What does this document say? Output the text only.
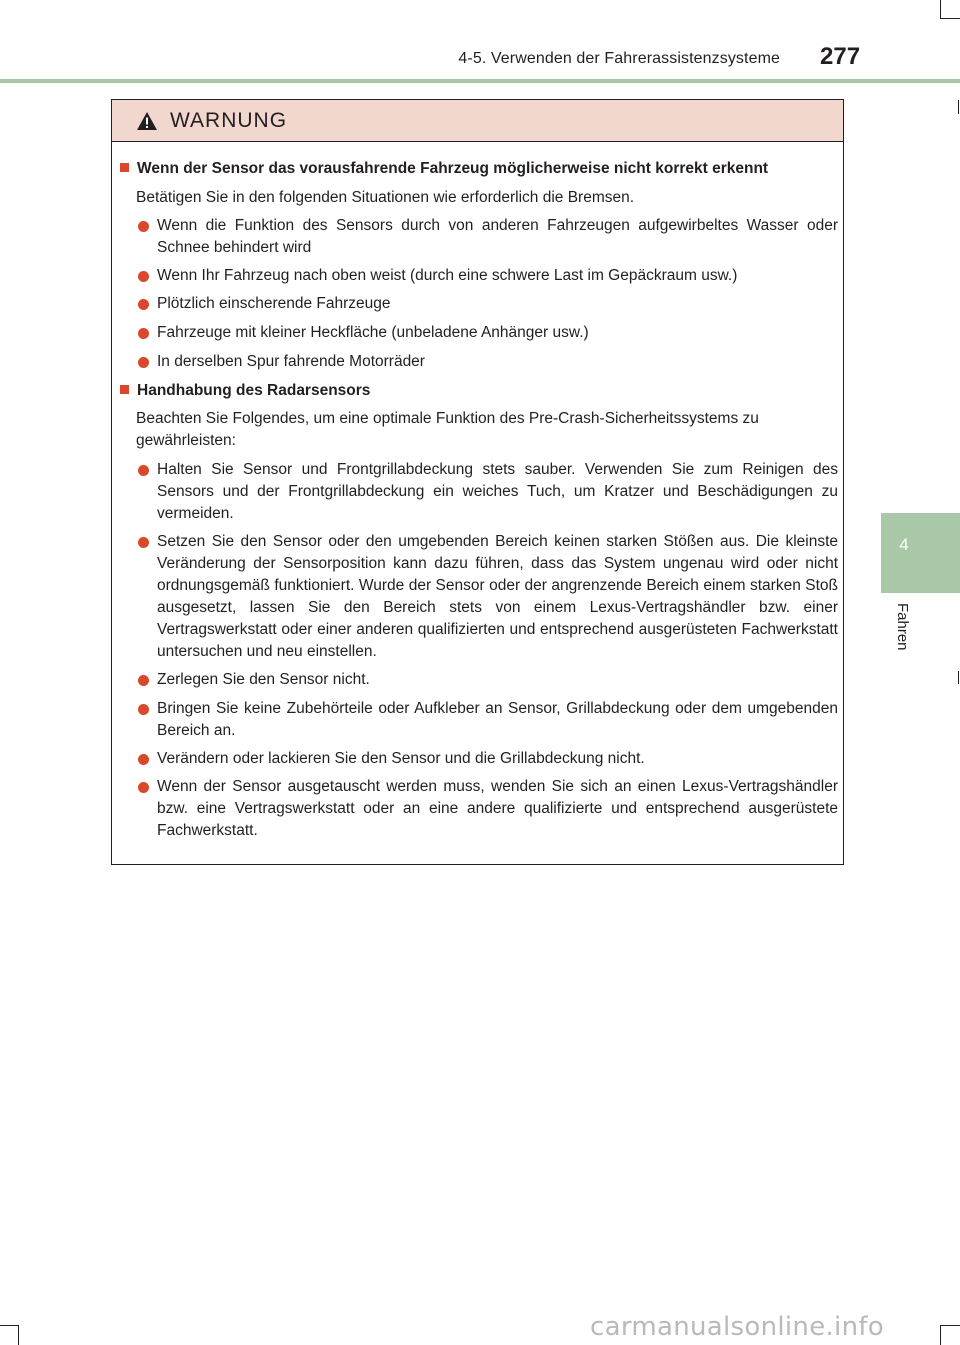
4-5. Verwenden der Fahrerassistenzsysteme 277
4
Fahren
WARNUNG
Wenn der Sensor das vorausfahrende Fahrzeug möglicherweise nicht korrekt erkennt
Betätigen Sie in den folgenden Situationen wie erforderlich die Bremsen.
Wenn die Funktion des Sensors durch von anderen Fahrzeugen aufgewirbeltes Wasser oder Schnee behindert wird
Wenn Ihr Fahrzeug nach oben weist (durch eine schwere Last im Gepäckraum usw.)
Plötzlich einscherende Fahrzeuge
Fahrzeuge mit kleiner Heckfläche (unbeladene Anhänger usw.)
In derselben Spur fahrende Motorräder
Handhabung des Radarsensors
Beachten Sie Folgendes, um eine optimale Funktion des Pre-Crash-Sicherheitssystems zu gewährleisten:
Halten Sie Sensor und Frontgrillabdeckung stets sauber. Verwenden Sie zum Reinigen des Sensors und der Frontgrillabdeckung ein weiches Tuch, um Kratzer und Beschädigungen zu vermeiden.
Setzen Sie den Sensor oder den umgebenden Bereich keinen starken Stößen aus. Die kleinste Veränderung der Sensorposition kann dazu führen, dass das System ungenau wird oder nicht ordnungsgemäß funktioniert. Wurde der Sensor oder der angrenzende Bereich einem starken Stoß ausgesetzt, lassen Sie den Bereich stets von einem Lexus-Vertragshändler bzw. einer Vertragswerkstatt oder einer anderen qualifizierten und entsprechend ausgerüsteten Fachwerkstatt untersuchen und neu einstellen.
Zerlegen Sie den Sensor nicht.
Bringen Sie keine Zubehörteile oder Aufkleber an Sensor, Grillabdeckung oder dem umgebenden Bereich an.
Verändern oder lackieren Sie den Sensor und die Grillabdeckung nicht.
Wenn der Sensor ausgetauscht werden muss, wenden Sie sich an einen Lexus-Vertragshändler bzw. eine Vertragswerkstatt oder an eine andere qualifizierte und entsprechend ausgerüstete Fachwerkstatt.
carmanualsonline.info
